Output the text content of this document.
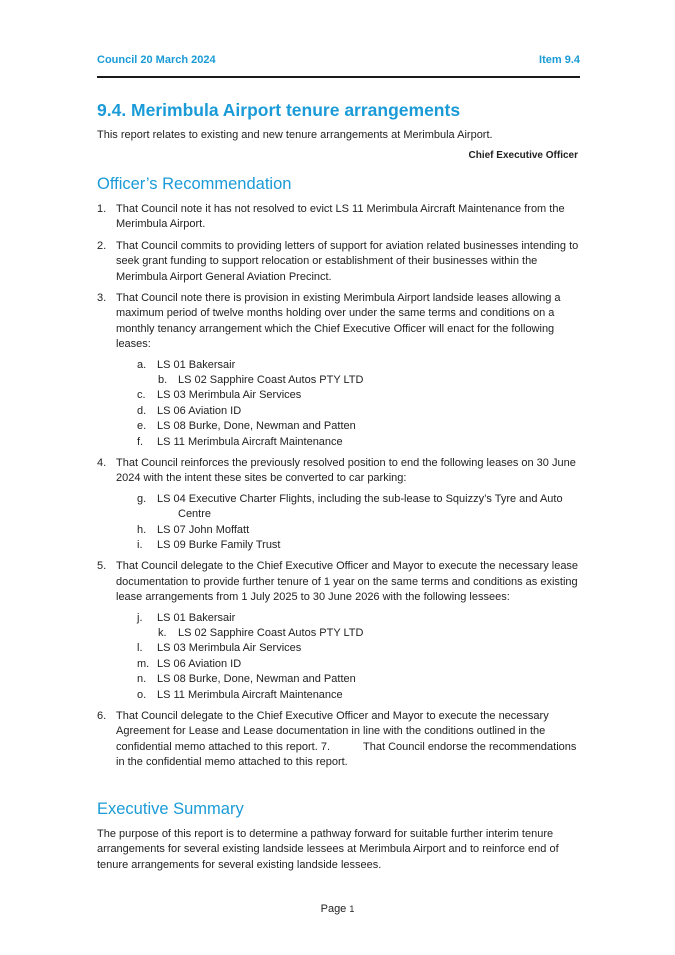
Council 20 March 2024	Item 9.4
9.4. Merimbula Airport tenure arrangements
This report relates to existing and new tenure arrangements at Merimbula Airport.
Chief Executive Officer
Officer’s Recommendation
1. That Council note it has not resolved to evict LS 11 Merimbula Aircraft Maintenance from the Merimbula Airport.
2. That Council commits to providing letters of support for aviation related businesses intending to seek grant funding to support relocation or establishment of their businesses within the Merimbula Airport General Aviation Precinct.
3. That Council note there is provision in existing Merimbula Airport landside leases allowing a maximum period of twelve months holding over under the same terms and conditions on a monthly tenancy arrangement which the Chief Executive Officer will enact for the following leases:
a. LS 01 Bakersair
b. LS 02 Sapphire Coast Autos PTY LTD
c. LS 03 Merimbula Air Services
d. LS 06 Aviation ID
e. LS 08 Burke, Done, Newman and Patten
f. LS 11 Merimbula Aircraft Maintenance
4. That Council reinforces the previously resolved position to end the following leases on 30 June 2024 with the intent these sites be converted to car parking:
g. LS 04 Executive Charter Flights, including the sub-lease to Squizzy’s Tyre and Auto
Centre
h. LS 07 John Moffatt
i. LS 09 Burke Family Trust
5. That Council delegate to the Chief Executive Officer and Mayor to execute the necessary lease documentation to provide further tenure of 1 year on the same terms and conditions as existing lease arrangements from 1 July 2025 to 30 June 2026 with the following lessees:
j. LS 01 Bakersair
k. LS 02 Sapphire Coast Autos PTY LTD
l. LS 03 Merimbula Air Services
m. LS 06 Aviation ID
n. LS 08 Burke, Done, Newman and Patten
o. LS 11 Merimbula Aircraft Maintenance
6. That Council delegate to the Chief Executive Officer and Mayor to execute the necessary Agreement for Lease and Lease documentation in line with the conditions outlined in the confidential memo attached to this report. 7.   That Council endorse the recommendations in the confidential memo attached to this report.
Executive Summary
The purpose of this report is to determine a pathway forward for suitable further interim tenure arrangements for several existing landside lessees at Merimbula Airport and to reinforce end of tenure arrangements for several existing landside lessees.
Page 1
